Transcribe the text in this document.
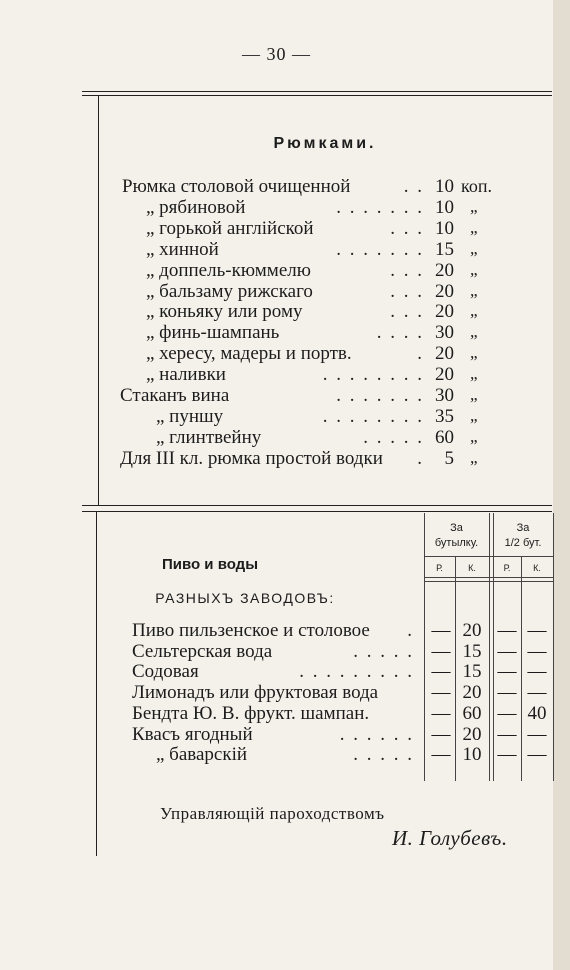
— 30 —
Рюмками.
Рюмка столовой очищенной	. . 10 коп.
„ рябиновой	. . . . . . . 10 „
„ горькой англійской	. . . 10 „
„ хинной	. . . . . . . 15 „
„ доппель-кюммелю	. . . 20 „
„ бальзаму рижскаго	. . . 20 „
„ коньяку или рому	. . . 20 „
„ финь-шампань	. . . . 30 „
„ хересу, мадеры и портв.	. 20 „
„ наливки	. . . . . . . . 20 „
Стаканъ вина	. . . . . . . 30 „
„ пуншу	. . . . . . . . 35 „
„ глинтвейну	. . . . . 60 „
Для III кл. рюмка простой водки .	5 „
За
бутылку.
За
1/2 бут.
Р.	К.	Р.	К.
Пиво и воды
РАЗНЫХЪ ЗАВОДОВЪ:
Пиво пильзенское и столовое . — 20 — —
Сельтерская вода	. . . . . — 15 — —
Содовая	. . . . . . . . . — 15 — —
Лимонадъ или фруктовая вода	— 20 — —
Бендта Ю. В. фрукт. шампан.	— 60 — 40
Квасъ ягодный	. . . . . . — 20 — —
„ баварскій	. . . . . — 10 — —
Управляющій пароходствомъ
И. Голубевъ.
